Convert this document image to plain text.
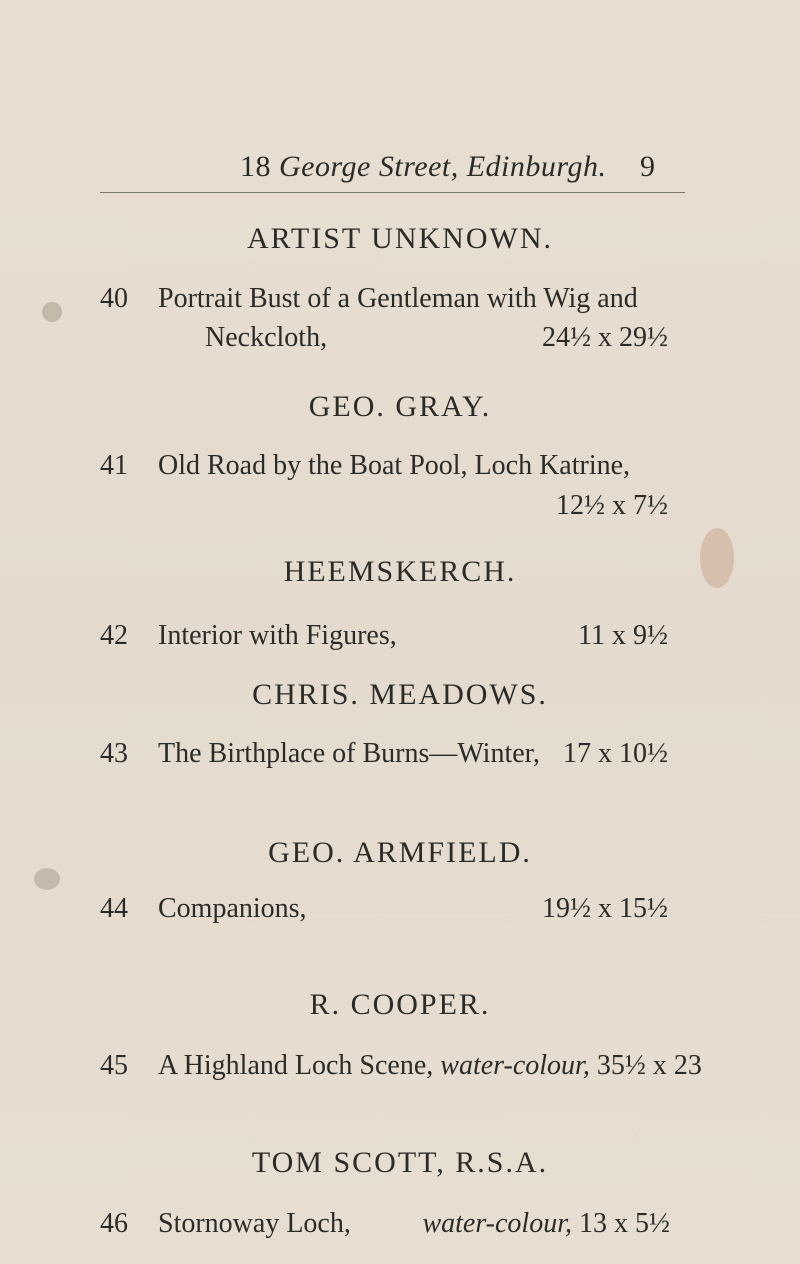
18 George Street, Edinburgh. 9
ARTIST UNKNOWN.
40 Portrait Bust of a Gentleman with Wig and
Neckcloth,	24½ x 29½
GEO. GRAY.
41 Old Road by the Boat Pool, Loch Katrine,
12½ x 7½
HEEMSKERCH.
42 Interior with Figures,	11 x 9½
CHRIS. MEADOWS.
43 The Birthplace of Burns—Winter, 17 x 10½
GEO. ARMFIELD.
44 Companions,	19½ x 15½
R. COOPER.
45 A Highland Loch Scene, water-colour, 35½ x 23
TOM SCOTT, R.S.A.
46 Stornoway Loch,	water-colour, 13 x 5½
